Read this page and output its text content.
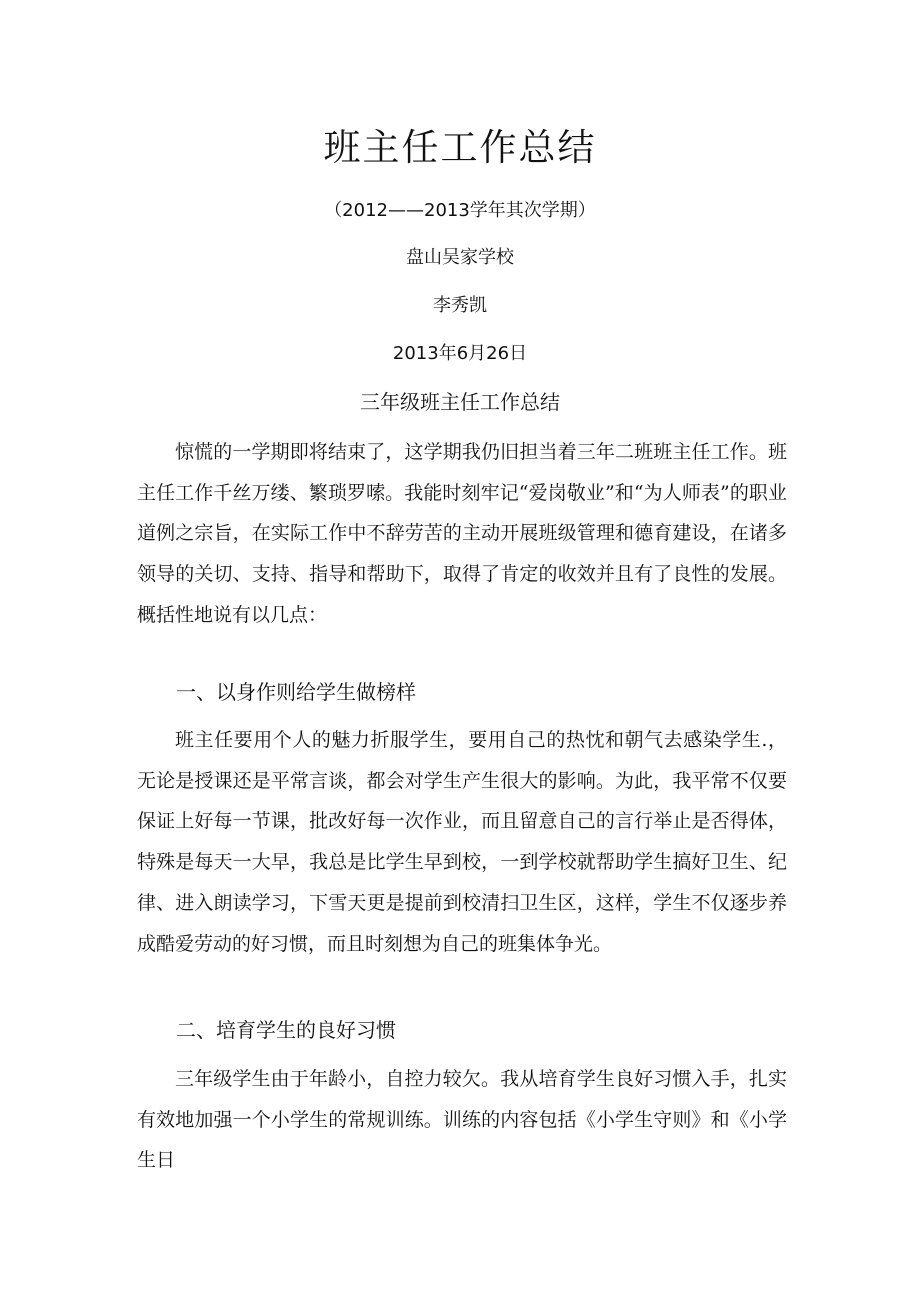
班主任工作总结

（2012——2013学年其次学期）

盘山吴家学校

李秀凯

2013年6月26日

三年级班主任工作总结

惊慌的一学期即将结束了，这学期我仍旧担当着三年二班班主任工作。班主任工作千丝万缕、繁琐罗嗦。我能时刻牢记“爱岗敬业”和“为人师表”的职业道例之宗旨，在实际工作中不辞劳苦的主动开展班级管理和德育建设，在诸多领导的关切、支持、指导和帮助下，取得了肯定的收效并且有了良性的发展。概括性地说有以几点：

一、以身作则给学生做榜样

班主任要用个人的魅力折服学生，要用自己的热忱和朝气去感染学生.，无论是授课还是平常言谈，都会对学生产生很大的影响。为此，我平常不仅要保证上好每一节课，批改好每一次作业，而且留意自己的言行举止是否得体，特殊是每天一大早，我总是比学生早到校，一到学校就帮助学生搞好卫生、纪律、进入朗读学习，下雪天更是提前到校清扫卫生区，这样，学生不仅逐步养成酷爱劳动的好习惯，而且时刻想为自己的班集体争光。

二、培育学生的良好习惯

三年级学生由于年龄小，自控力较欠。我从培育学生良好习惯入手，扎实有效地加强一个小学生的常规训练。训练的内容包括《小学生守则》和《小学生日
